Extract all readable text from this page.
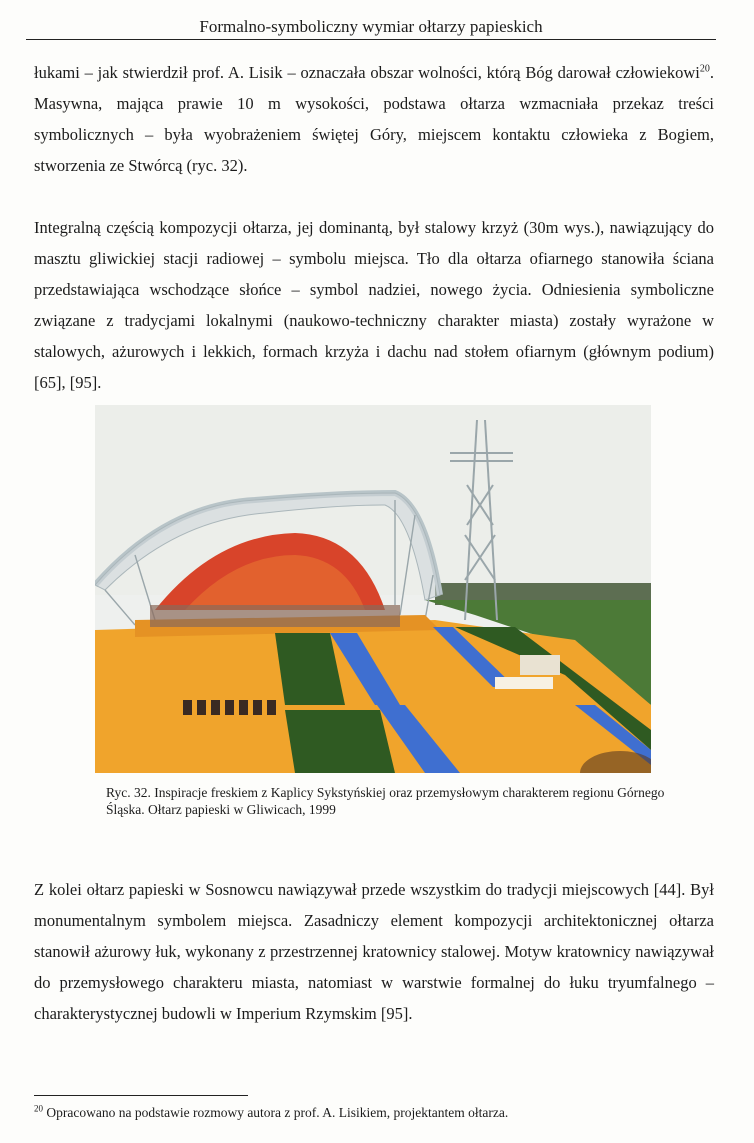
Formalno-symboliczny wymiar ołtarzy papieskich

łukami – jak stwierdził prof. A. Lisik – oznaczała obszar wolności, którą Bóg darował człowiekowi$^{20}$. Masywna, mająca prawie 10 m wysokości, podstawa ołtarza wzmacniała przekaz treści symbolicznych – była wyobrażeniem świętej Góry, miejscem kontaktu człowieka z Bogiem, stworzenia ze Stwórcą (ryc. 32).

Integralną częścią kompozycji ołtarza, jej dominantą, był stalowy krzyż (30m wys.), nawiązujący do masztu gliwickiej stacji radiowej – symbolu miejsca. Tło dla ołtarza ofiarnego stanowiła ściana przedstawiająca wschodzące słońce – symbol nadziei, nowego życia. Odniesienia symboliczne związane z tradycjami lokalnymi (naukowo-techniczny charakter miasta) zostały wyrażone w stalowych, ażurowych i lekkich, formach krzyża i dachu nad stołem ofiarnym (głównym podium) [65], [95].

Ryc. 32. Inspiracje freskiem z Kaplicy Sykstyńskiej oraz przemysłowym charakterem regionu Górnego Śląska. Ołtarz papieski w Gliwicach, 1999

Z kolei ołtarz papieski w Sosnowcu nawiązywał przede wszystkim do tradycji miejscowych [44]. Był monumentalnym symbolem miejsca. Zasadniczy element kompozycji architektonicznej ołtarza stanowił ażurowy łuk, wykonany z przestrzennej kratownicy stalowej. Motyw kratownicy nawiązywał do przemysłowego charakteru miasta, natomiast w warstwie formalnej do łuku tryumfalnego – charakterystycznej budowli w Imperium Rzymskim [95].

$^{20}$ Opracowano na podstawie rozmowy autora z prof. A. Lisikiem, projektantem ołtarza.
